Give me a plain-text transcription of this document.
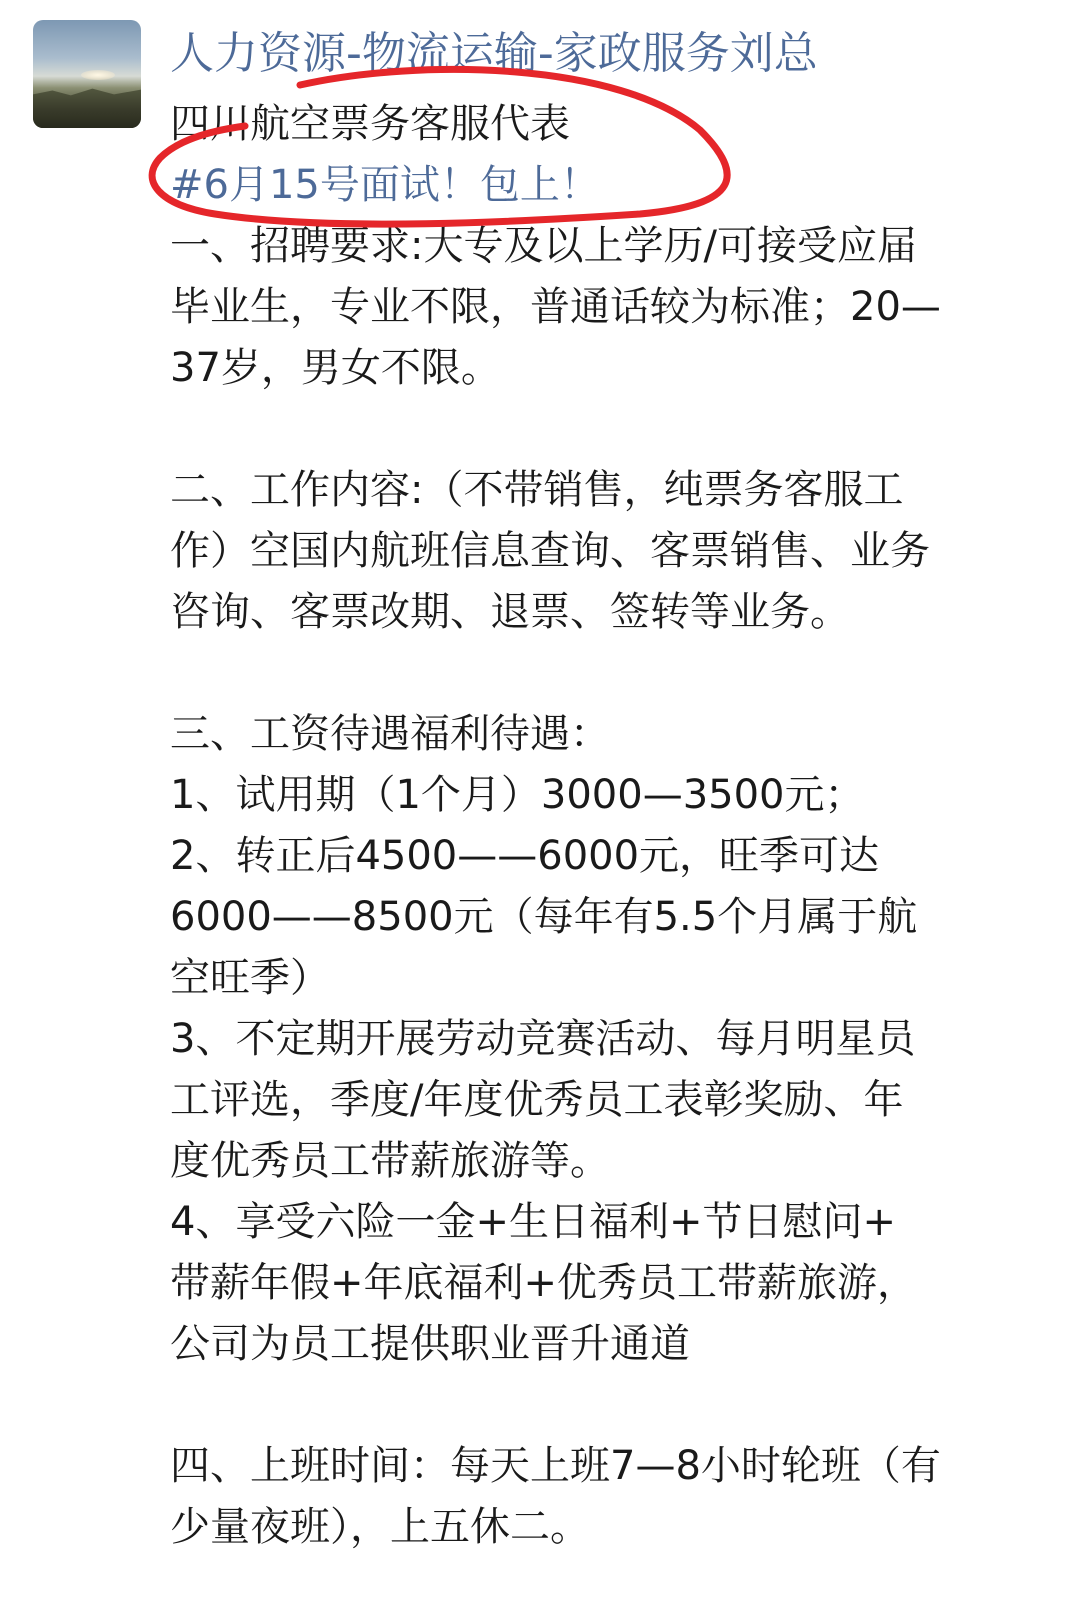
人力资源-物流运输-家政服务刘总
四川航空票务客服代表
#6月15号面试！包上！
一、招聘要求:大专及以上学历/可接受应届
毕业生，专业不限，普通话较为标准；20—
37岁，男女不限。
二、工作内容:（不带销售，纯票务客服工
作）空国内航班信息查询、客票销售、业务
咨询、客票改期、退票、签转等业务。
三、工资待遇福利待遇：
1、试用期（1个月）3000—3500元；
2、转正后4500——6000元，旺季可达
6000——8500元（每年有5.5个月属于航
空旺季）
3、不定期开展劳动竞赛活动、每月明星员
工评选，季度/年度优秀员工表彰奖励、年
度优秀员工带薪旅游等。
4、享受六险一金+生日福利+节日慰问+
带薪年假+年底福利+优秀员工带薪旅游，
公司为员工提供职业晋升通道
四、上班时间：每天上班7—8小时轮班（有
少量夜班），上五休二。
